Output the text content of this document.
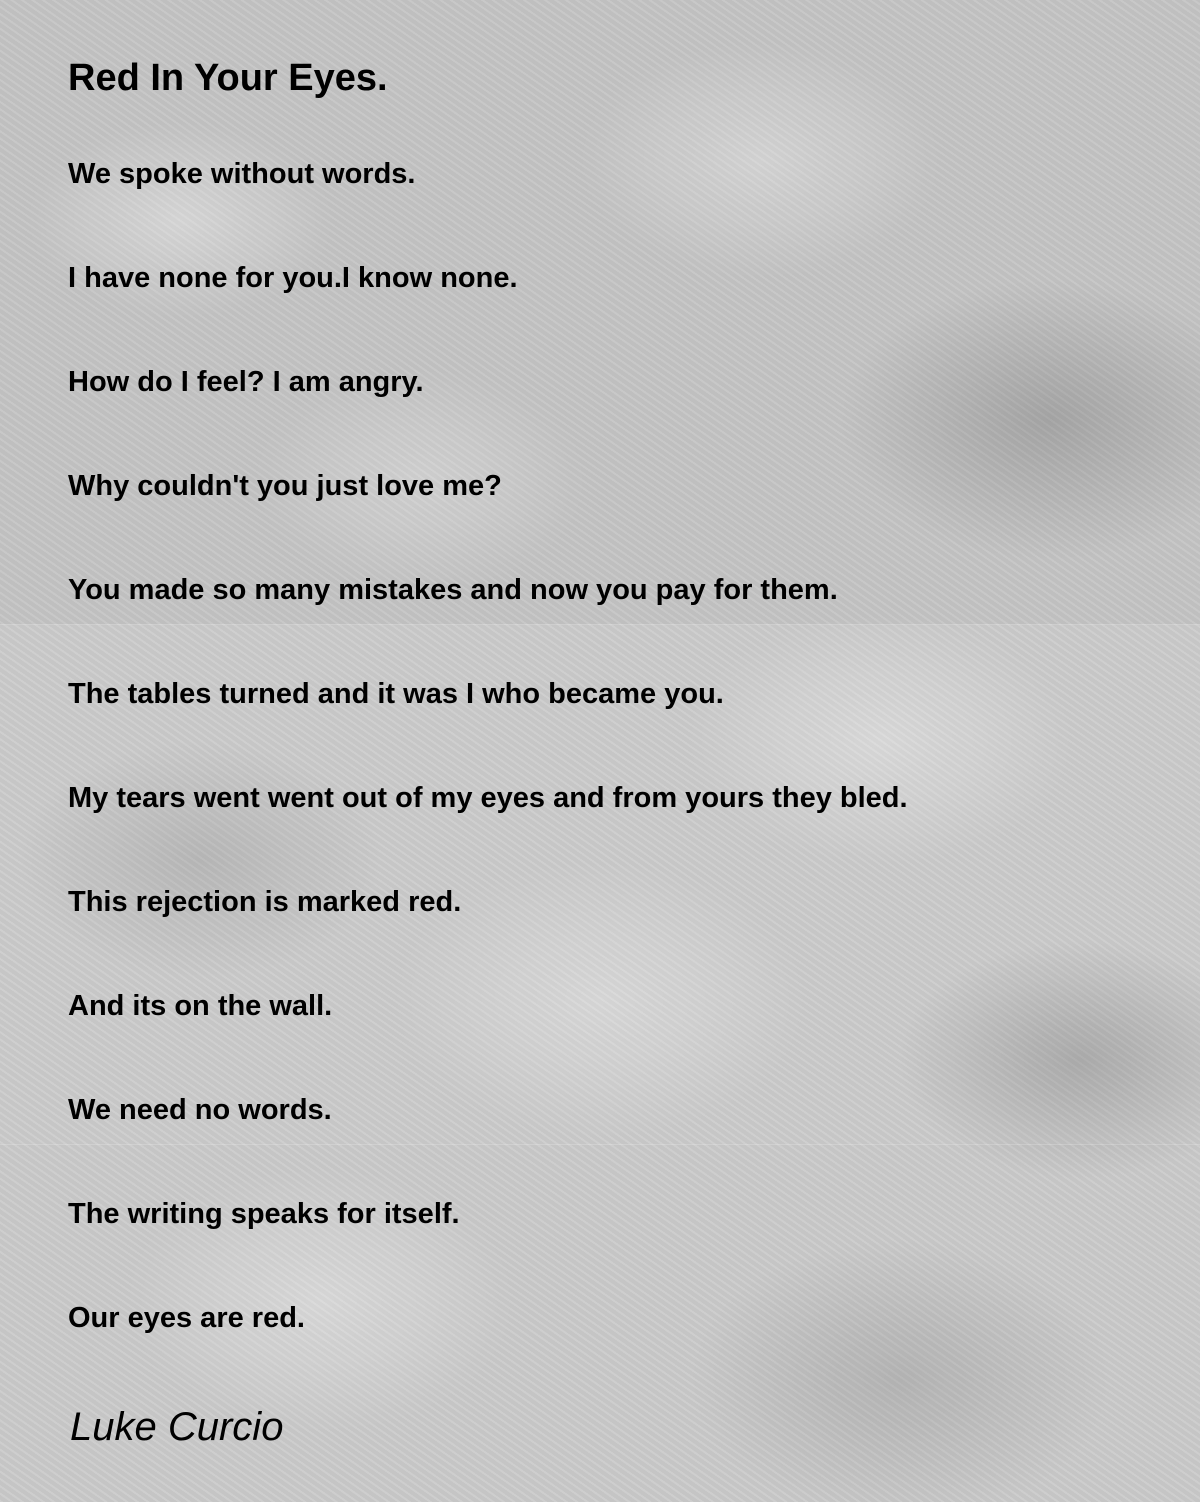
Red In Your Eyes.
We spoke without words.
I have none for you.I know none.
How do I feel? I am angry.
Why couldn't you just love me?
You made so many mistakes and now you pay for them.
The tables turned and it was I who became you.
My tears went went out of my eyes and from yours they bled.
This rejection is marked red.
And its on the wall.
We need no words.
The writing speaks for itself.
Our eyes are red.
Luke Curcio
